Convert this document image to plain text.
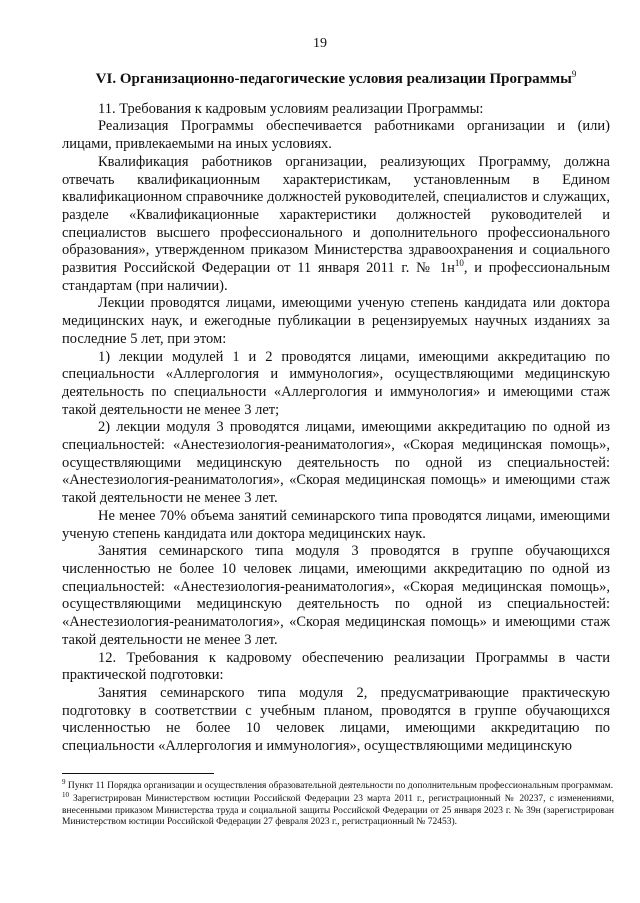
19

VI. Организационно-педагогические условия реализации Программы$^9$

11. Требования к кадровым условиям реализации Программы:

Реализация Программы обеспечивается работниками организации и (или) лицами, привлекаемыми на иных условиях.

Квалификация работников организации, реализующих Программу, должна отвечать квалификационным характеристикам, установленным в Едином квалификационном справочнике должностей руководителей, специалистов и служащих, разделе «Квалификационные характеристики должностей руководителей и специалистов высшего профессионального и дополнительного профессионального образования», утвержденном приказом Министерства здравоохранения и социального развития Российской Федерации от 11 января 2011 г. № $1н^{10}$, и профессиональным стандартам (при наличии).

Лекции проводятся лицами, имеющими ученую степень кандидата или доктора медицинских наук, и ежегодные публикации в рецензируемых научных изданиях за последние 5 лет, при этом:

1) лекции модулей 1 и 2 проводятся лицами, имеющими аккредитацию по специальности «Аллергология и иммунология», осуществляющими медицинскую деятельность по специальности «Аллергология и иммунология» и имеющими стаж такой деятельности не менее 3 лет;

2) лекции модуля 3 проводятся лицами, имеющими аккредитацию по одной из специальностей: «Анестезиология-реаниматология», «Скорая медицинская помощь», осуществляющими медицинскую деятельность по одной из специальностей: «Анестезиология-реаниматология», «Скорая медицинская помощь» и имеющими стаж такой деятельности не менее 3 лет.

Не менее 70% объема занятий семинарского типа проводятся лицами, имеющими ученую степень кандидата или доктора медицинских наук.

Занятия семинарского типа модуля 3 проводятся в группе обучающихся численностью не более 10 человек лицами, имеющими аккредитацию по одной из специальностей: «Анестезиология-реаниматология», «Скорая медицинская помощь», осуществляющими медицинскую деятельность по одной из специальностей: «Анестезиология-реаниматология», «Скорая медицинская помощь» и имеющими стаж такой деятельности не менее 3 лет.

12. Требования к кадровому обеспечению реализации Программы в части практической подготовки:

Занятия семинарского типа модуля 2, предусматривающие практическую подготовку в соответствии с учебным планом, проводятся в группе обучающихся численностью не более 10 человек лицами, имеющими аккредитацию по специальности «Аллергология и иммунология», осуществляющими медицинскую

$^9$ Пункт 11 Порядка организации и осуществления образовательной деятельности по дополнительным профессиональным программам.

$^{10}$ Зарегистрирован Министерством юстиции Российской Федерации 23 марта 2011 г., регистрационный № 20237, с изменениями, внесенными приказом Министерства труда и социальной защиты Российской Федерации от 25 января 2023 г. № 39н (зарегистрирован Министерством юстиции Российской Федерации 27 февраля 2023 г., регистрационный № 72453).
